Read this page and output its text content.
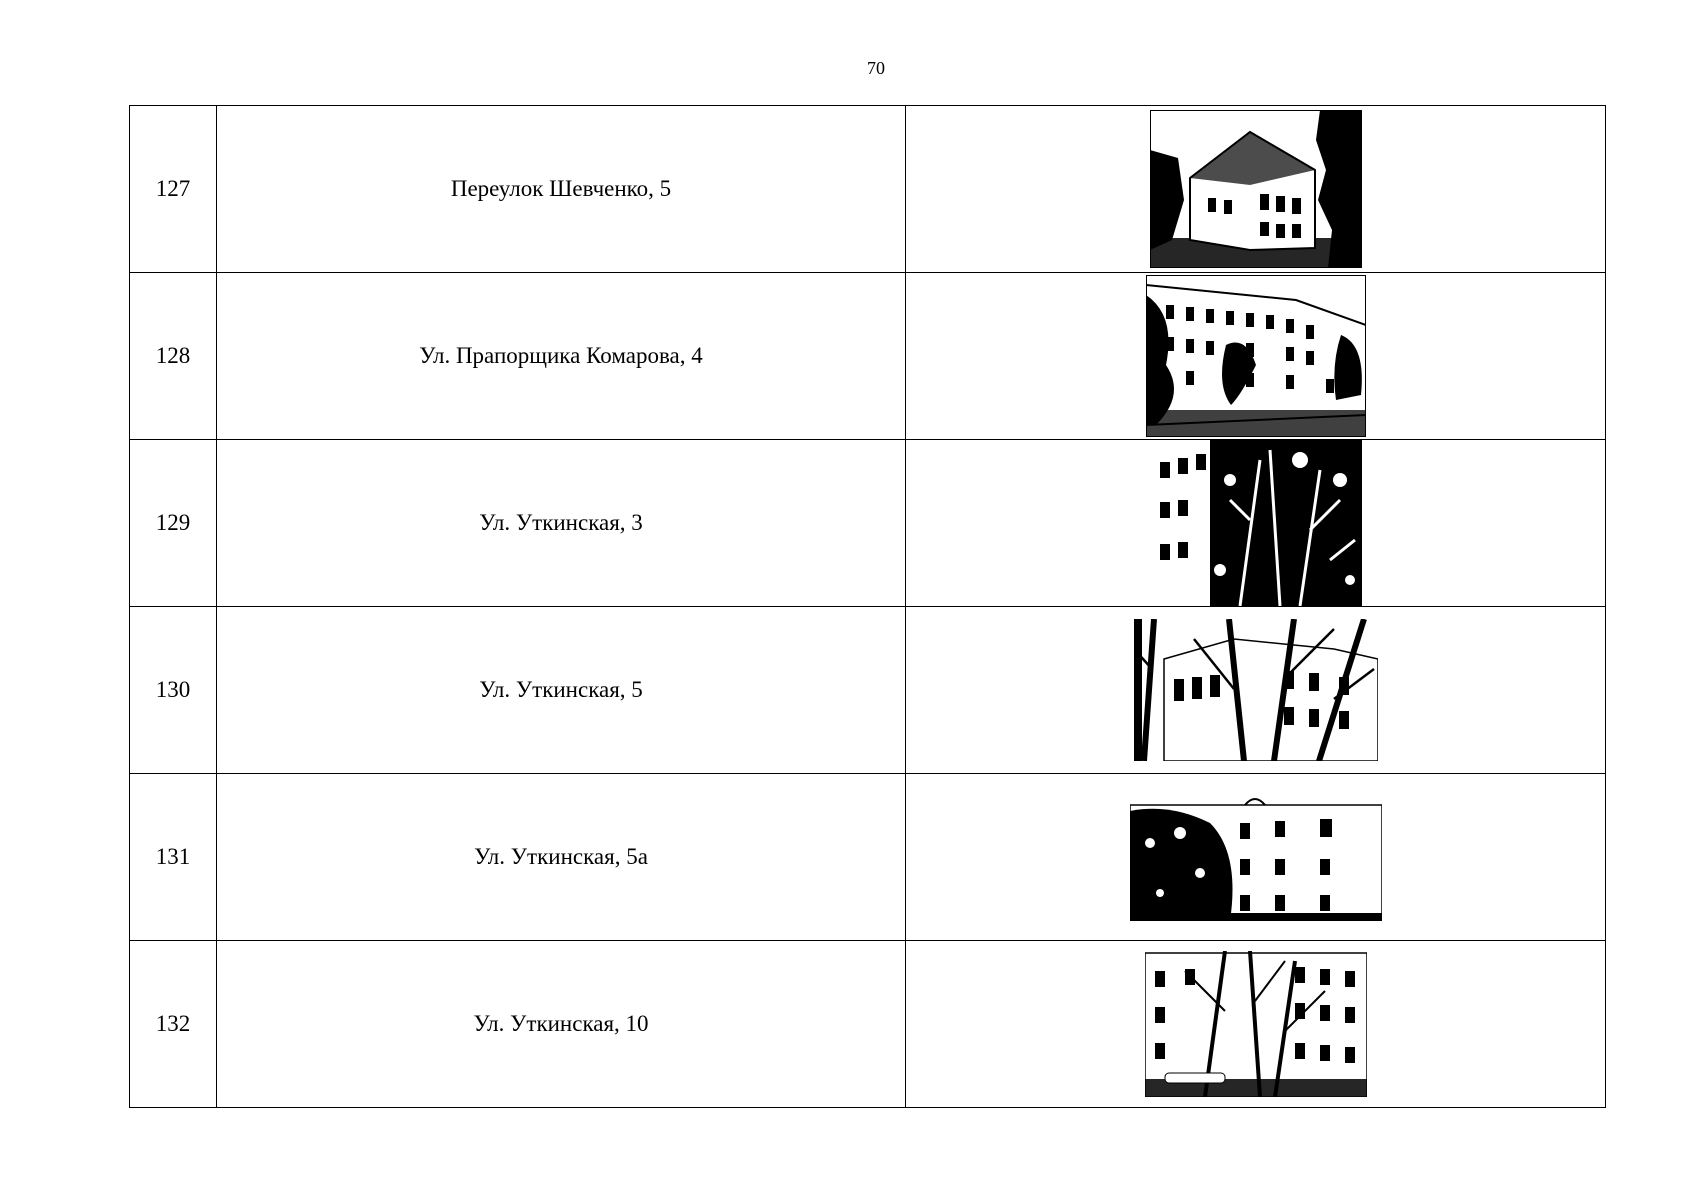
70
127	Переулок Шевченко, 5	

128	Ул. Прапорщика Комарова, 4	

129	Ул. Уткинская, 3	

130	Ул. Уткинская, 5	

131	Ул. Уткинская, 5а	

132	Ул. Уткинская, 10	
